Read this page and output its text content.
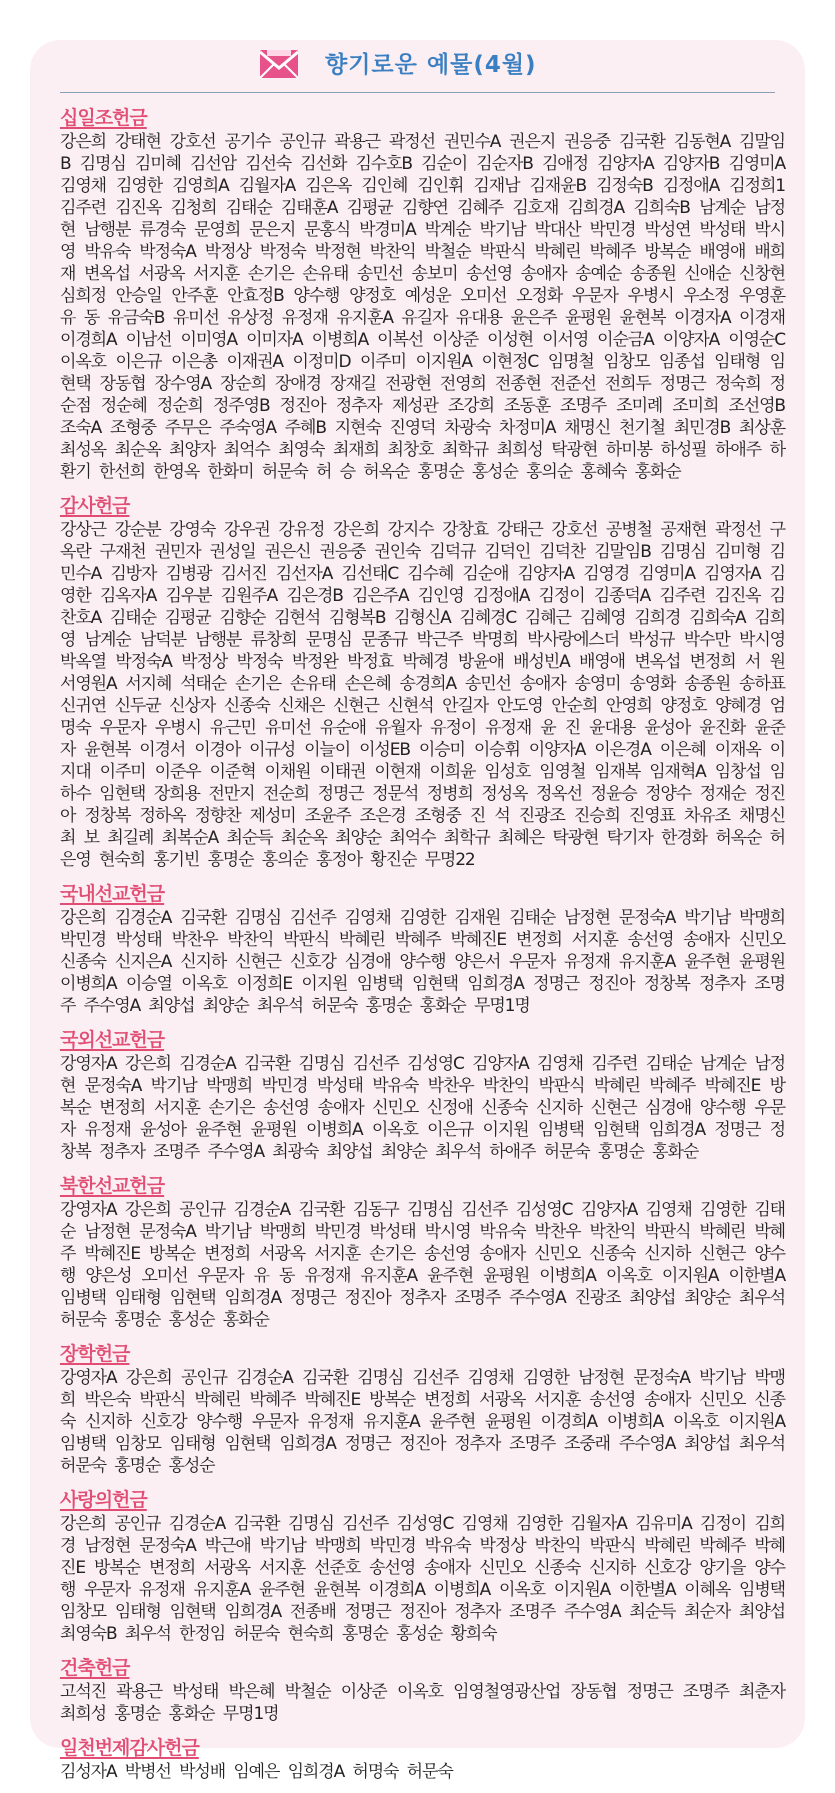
향기로운 예물(4월)
십일조헌금
강은희 강태현 강호선 공기수 공인규 곽용근 곽정선 권민수A 권은지 권응중 김국환 김동현A 김말임B 김명심 김미혜 김선암 김선숙 김선화 김수호B 김순이 김순자B 김애정 김양자A 김양자B 김영미A 김영채 김영한 김영희A 김월자A 김은옥 김인혜 김인휘 김재남 김재윤B 김정숙B 김정애A 김정희1 김주련 김진옥 김청희 김태순 김태훈A 김평균 김향연 김혜주 김호재 김희경A 김희숙B 남계순 남정현 남행분 류경숙 문영희 문은지 문홍식 박경미A 박계순 박기남 박대산 박민경 박성연 박성태 박시영 박유숙 박정숙A 박정상 박정숙 박정현 박찬익 박철순 박판식 박혜린 박혜주 방복순 배영애 배희재 변옥섭 서광옥 서지훈 손기은 손유태 송민선 송보미 송선영 송애자 송예순 송종원 신애순 신창현 심희정 안승일 안주훈 안효정B 양수행 양정호 예성운 오미선 오정화 우문자 우병시 우소정 우영훈 유 동 유금숙B 유미선 유상정 유정재 유지훈A 유길자 유대용 윤은주 윤평원 윤현복 이경자A 이경재 이경희A 이남선 이미영A 이미자A 이병희A 이복선 이상준 이성현 이서영 이순금A 이양자A 이영순C 이옥호 이은규 이은총 이재권A 이정미D 이주미 이지원A 이현정C 임명철 임창모 임종섭 임태형 임현택 장동협 장수영A 장순희 장애경 장재길 전광현 전영희 전종현 전준선 전희두 정명근 정숙희 정순점 정순혜 정순희 정주영B 정진아 정추자 제성관 조강희 조동훈 조명주 조미례 조미희 조선영B 조숙A 조형중 주무은 주숙영A 주혜B 지현숙 진영덕 차광숙 차정미A 채명신 천기철 최민경B 최상훈 최성옥 최순옥 최양자 최억수 최영숙 최재희 최창호 최학규 최희성 탁광현 하미봉 하성필 하애주 하환기 한선희 한영옥 한화미 허문숙 허 승 허옥순 홍명순 홍성순 홍의순 홍혜숙 홍화순
감사헌금
강상근 강순분 강영숙 강우권 강유정 강은희 강지수 강창효 강태근 강호선 공병철 공재현 곽정선 구옥란 구재천 권민자 권성일 권은신 권응중 권인숙 김덕규 김덕인 김덕찬 김말임B 김명심 김미형 김민수A 김방자 김병광 김서진 김선자A 김선태C 김수혜 김순애 김양자A 김영경 김영미A 김영자A 김영한 김옥자A 김우분 김원주A 김은경B 김은주A 김인영 김정애A 김정이 김종덕A 김주련 김진옥 김찬호A 김태순 김평균 김향순 김현석 김형복B 김형신A 김혜경C 김혜근 김혜영 김희경 김희숙A 김희영 남계순 남덕분 남행분 류창희 문명심 문종규 박근주 박명희 박사랑에스더 박성규 박수만 박시영 박옥열 박정숙A 박정상 박정숙 박정완 박정효 박혜경 방윤애 배성빈A 배영애 변옥섭 변정희 서 원 서영원A 서지혜 석태순 손기은 손유태 손은혜 송경희A 송민선 송애자 송영미 송영화 송종원 송하표 신귀연 신두균 신상자 신종숙 신채은 신현근 신현석 안길자 안도영 안순희 안영희 양정호 양혜경 엄명숙 우문자 우병시 유근민 유미선 유순애 유월자 유정이 유정재 윤 진 윤대용 윤성아 윤진화 윤준자 윤현복 이경서 이경아 이규성 이늘이 이성EB 이승미 이승휘 이양자A 이은경A 이은혜 이재옥 이지대 이주미 이준우 이준혁 이채원 이태권 이현재 이희윤 임성호 임영철 임재복 임재혁A 임창섭 임하수 임현택 장희용 전만지 전순희 정명근 정문석 정병희 정성옥 정옥선 정윤승 정양수 정재순 정진아 정창복 정하옥 정향찬 제성미 조윤주 조은경 조형중 진 석 진광조 진승희 진영표 차유조 채명신 최 보 최길례 최복순A 최순득 최순옥 최양순 최억수 최학규 최혜은 탁광현 탁기자 한경화 허옥순 허은영 현숙희 홍기빈 홍명순 홍의순 홍정아 황진순 무명22
국내선교헌금
강은희 김경순A 김국환 김명심 김선주 김영채 김영한 김재원 김태순 남정현 문정숙A 박기남 박맹희 박민경 박성태 박찬우 박찬익 박판식 박혜린 박혜주 박혜진E 변정희 서지훈 송선영 송애자 신민오 신종숙 신지은A 신지하 신현근 신호강 심경애 양수행 양은서 우문자 유정재 유지훈A 윤주현 윤평원 이병희A 이승열 이옥호 이정희E 이지원 임병택 임현택 임희경A 정명근 정진아 정창복 정추자 조명주 주수영A 최양섭 최양순 최우석 허문숙 홍명순 홍화순 무명1명
국외선교헌금
강영자A 강은희 김경순A 김국환 김명심 김선주 김성영C 김양자A 김영채 김주련 김태순 남계순 남정현 문정숙A 박기남 박맹희 박민경 박성태 박유숙 박찬우 박찬익 박판식 박혜린 박혜주 박혜진E 방복순 변정희 서지훈 손기은 송선영 송애자 신민오 신정애 신종숙 신지하 신현근 심경애 양수행 우문자 유정재 윤성아 윤주현 윤평원 이병희A 이옥호 이은규 이지원 임병택 임현택 임희경A 정명근 정창복 정추자 조명주 주수영A 최광숙 최양섭 최양순 최우석 하애주 허문숙 홍명순 홍화순
북한선교헌금
강영자A 강은희 공인규 김경순A 김국환 김동구 김명심 김선주 김성영C 김양자A 김영채 김영한 김태순 남정현 문정숙A 박기남 박맹희 박민경 박성태 박시영 박유숙 박찬우 박찬익 박판식 박혜린 박혜주 박혜진E 방복순 변정희 서광옥 서지훈 손기은 송선영 송애자 신민오 신종숙 신지하 신현근 양수행 양은성 오미선 우문자 유 동 유정재 유지훈A 윤주현 윤평원 이병희A 이옥호 이지원A 이한별A 임병택 임태형 임현택 임희경A 정명근 정진아 정추자 조명주 주수영A 진광조 최양섭 최양순 최우석 허문숙 홍명순 홍성순 홍화순
장학헌금
강영자A 강은희 공인규 김경순A 김국환 김명심 김선주 김영채 김영한 남정현 문정숙A 박기남 박맹희 박은숙 박판식 박혜린 박혜주 박혜진E 방복순 변정희 서광옥 서지훈 송선영 송애자 신민오 신종숙 신지하 신호강 양수행 우문자 유정재 유지훈A 윤주현 윤평원 이경희A 이병희A 이옥호 이지원A 임병택 임창모 임태형 임현택 임희경A 정명근 정진아 정추자 조명주 조중래 주수영A 최양섭 최우석 허문숙 홍명순 홍성순
사랑의헌금
강은희 공인규 김경순A 김국환 김명심 김선주 김성영C 김영채 김영한 김월자A 김유미A 김정이 김희경 남정현 문정숙A 박근애 박기남 박맹희 박민경 박유숙 박정상 박찬익 박판식 박혜린 박혜주 박혜진E 방복순 변정희 서광옥 서지훈 선준호 송선영 송애자 신민오 신종숙 신지하 신호강 양기을 양수행 우문자 유정재 유지훈A 윤주현 윤현복 이경희A 이병희A 이옥호 이지원A 이한별A 이혜옥 임병택 임창모 임태형 임현택 임희경A 전종배 정명근 정진아 정추자 조명주 주수영A 최순득 최순자 최양섭 최영숙B 최우석 한정임 허문숙 현숙희 홍명순 홍성순 황희숙
건축헌금
고석진 곽용근 박성태 박은혜 박철순 이상준 이옥호 임영철영광산업 장동협 정명근 조명주 최춘자 최희성 홍명순 홍화순 무명1명
일천번제감사헌금
김성자A 박병선 박성배 임예은 임희경A 허명숙 허문숙
